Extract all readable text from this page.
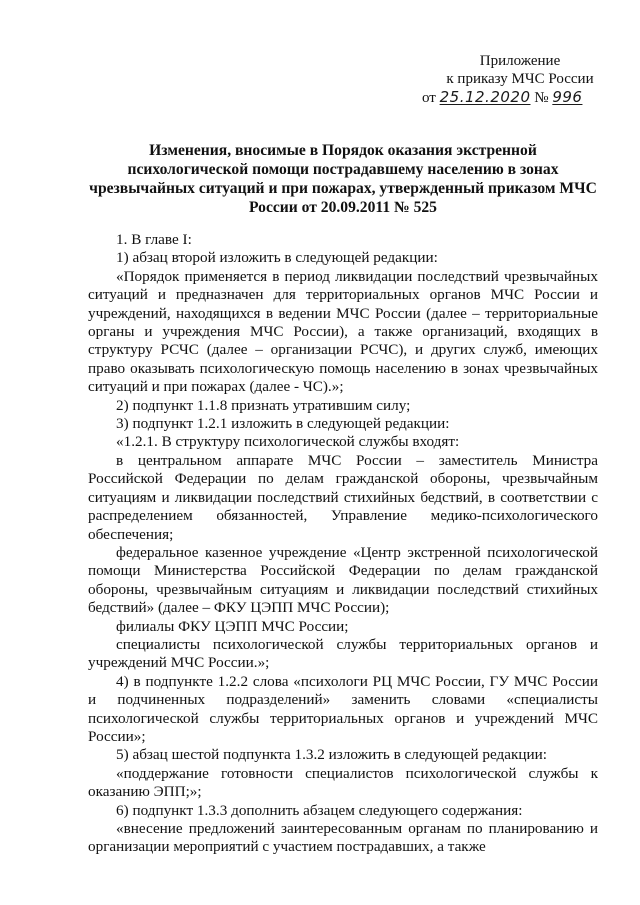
Приложение
к приказу МЧС России
от 25.12.2020 № 996
Изменения, вносимые в Порядок оказания экстренной психологической помощи пострадавшему населению в зонах чрезвычайных ситуаций и при пожарах, утвержденный приказом МЧС России от 20.09.2011 № 525

1. В главе I:

1) абзац второй изложить в следующей редакции:

«Порядок применяется в период ликвидации последствий чрезвычайных ситуаций и предназначен для территориальных органов МЧС России и учреждений, находящихся в ведении МЧС России (далее – территориальные органы и учреждения МЧС России), а также организаций, входящих в структуру РСЧС (далее – организации РСЧС), и других служб, имеющих право оказывать психологическую помощь населению в зонах чрезвычайных ситуаций и при пожарах (далее - ЧС).»;

2) подпункт 1.1.8 признать утратившим силу;

3) подпункт 1.2.1 изложить в следующей редакции:

«1.2.1. В структуру психологической службы входят:

в центральном аппарате МЧС России – заместитель Министра Российской Федерации по делам гражданской обороны, чрезвычайным ситуациям и ликвидации последствий стихийных бедствий, в соответствии с распределением обязанностей, Управление медико-психологического обеспечения;

федеральное казенное учреждение «Центр экстренной психологической помощи Министерства Российской Федерации по делам гражданской обороны, чрезвычайным ситуациям и ликвидации последствий стихийных бедствий» (далее – ФКУ ЦЭПП МЧС России);

филиалы ФКУ ЦЭПП МЧС России;

специалисты психологической службы территориальных органов и учреждений МЧС России.»;

4) в подпункте 1.2.2 слова «психологи РЦ МЧС России, ГУ МЧС России и подчиненных подразделений» заменить словами «специалисты психологической службы территориальных органов и учреждений МЧС России»;

5) абзац шестой подпункта 1.3.2 изложить в следующей редакции:

«поддержание готовности специалистов психологической службы к оказанию ЭПП;»;

6) подпункт 1.3.3 дополнить абзацем следующего содержания:

«внесение предложений заинтересованным органам по планированию и организации мероприятий с участием пострадавших, а также
